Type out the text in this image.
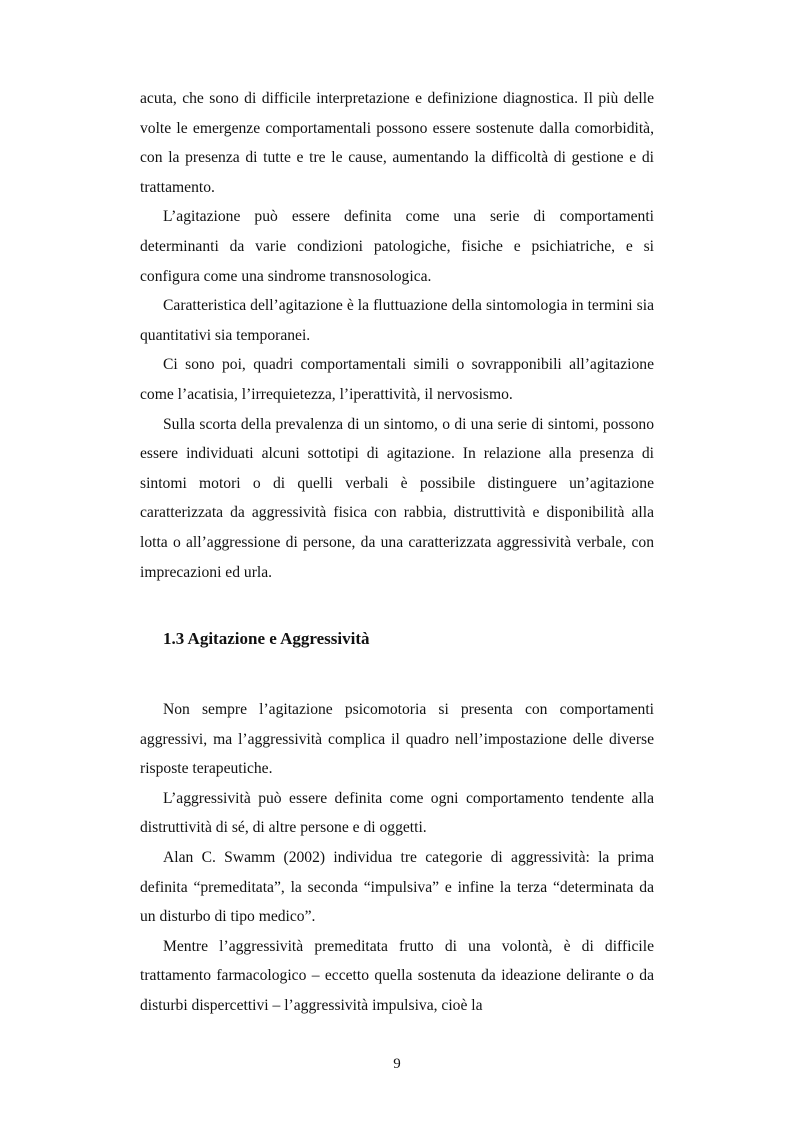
acuta, che sono di difficile interpretazione e definizione diagnostica. Il più delle volte le emergenze comportamentali possono essere sostenute dalla comorbidità, con la presenza di tutte e tre le cause, aumentando la difficoltà di gestione e di trattamento.

L’agitazione può essere definita come una serie di comportamenti determinanti da varie condizioni patologiche, fisiche e psichiatriche, e si configura come una sindrome transnosologica.

Caratteristica dell’agitazione è la fluttuazione della sintomologia in termini sia quantitativi sia temporanei.

Ci sono poi, quadri comportamentali simili o sovrapponibili all’agitazione come l’acatisia, l’irrequietezza, l’iperattività, il nervosismo.

Sulla scorta della prevalenza di un sintomo, o di una serie di sintomi, possono essere individuati alcuni sottotipi di agitazione. In relazione alla presenza di sintomi motori o di quelli verbali è possibile distinguere un’agitazione caratterizzata da aggressività fisica con rabbia, distruttività e disponibilità alla lotta o all’aggressione di persone, da una caratterizzata aggressività verbale, con imprecazioni ed urla.

1.3 Agitazione e Aggressività

Non sempre l’agitazione psicomotoria si presenta con comportamenti aggressivi, ma l’aggressività complica il quadro nell’impostazione delle diverse risposte terapeutiche.

L’aggressività può essere definita come ogni comportamento tendente alla distruttività di sé, di altre persone e di oggetti.

Alan C. Swamm (2002) individua tre categorie di aggressività: la prima definita “premeditata”, la seconda “impulsiva” e infine la terza “determinata da un disturbo di tipo medico”.

Mentre l’aggressività premeditata frutto di una volontà, è di difficile trattamento farmacologico – eccetto quella sostenuta da ideazione delirante o da disturbi dispercettivi – l’aggressività impulsiva, cioè la

9
